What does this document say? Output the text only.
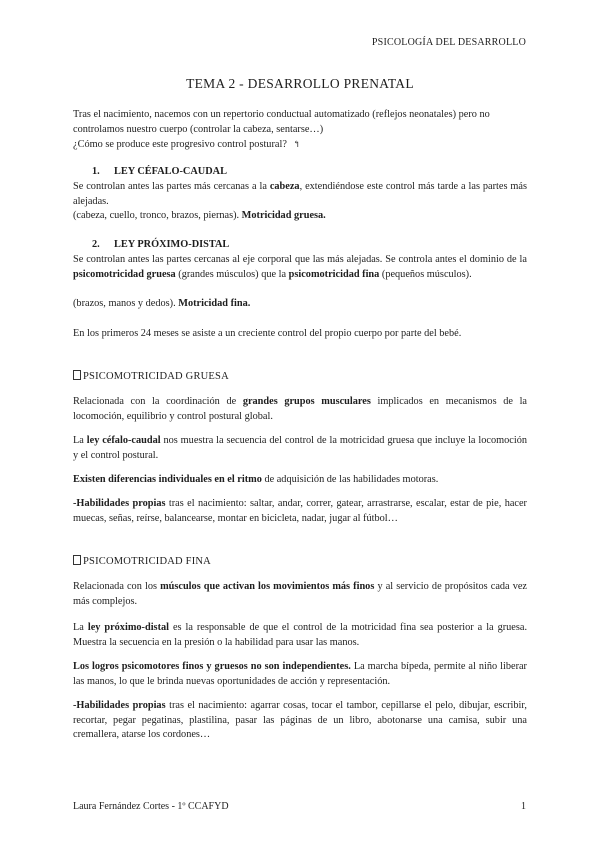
PSICOLOGÍA DEL DESARROLLO
TEMA 2 - DESARROLLO PRENATAL
Tras el nacimiento, nacemos con un repertorio conductual automatizado (reflejos neonatales) pero no
controlamos nuestro cuerpo (controlar la cabeza, sentarse…)
¿Cómo se produce este progresivo control postural? ↰
1. LEY CÉFALO-CAUDAL
Se controlan antes las partes más cercanas a la cabeza, extendiéndose este control más tarde a las partes más alejadas.
(cabeza, cuello, tronco, brazos, piernas). Motricidad gruesa.
2. LEY PRÓXIMO-DISTAL
Se controlan antes las partes cercanas al eje corporal que las más alejadas. Se controla antes el dominio de la psicomotricidad gruesa (grandes músculos) que la psicomotricidad fina (pequeños músculos).
(brazos, manos y dedos). Motricidad fina.
En los primeros 24 meses se asiste a un creciente control del propio cuerpo por parte del bebé.
PSICOMOTRICIDAD GRUESA
Relacionada con la coordinación de grandes grupos musculares implicados en mecanismos de la locomoción, equilibrio y control postural global.
La ley céfalo-caudal nos muestra la secuencia del control de la motricidad gruesa que incluye la locomoción y el control postural.
Existen diferencias individuales en el ritmo de adquisición de las habilidades motoras.
-Habilidades propias tras el nacimiento: saltar, andar, correr, gatear, arrastrarse, escalar, estar de pie, hacer muecas, señas, reírse, balancearse, montar en bicicleta, nadar, jugar al fútbol…
PSICOMOTRICIDAD FINA
Relacionada con los músculos que activan los movimientos más finos y al servicio de propósitos cada vez más complejos.
La ley próximo-distal es la responsable de que el control de la motricidad fina sea posterior a la gruesa. Muestra la secuencia en la presión o la habilidad para usar las manos.
Los logros psicomotores finos y gruesos no son independientes. La marcha bípeda, permite al niño liberar las manos, lo que le brinda nuevas oportunidades de acción y representación.
-Habilidades propias tras el nacimiento: agarrar cosas, tocar el tambor, cepillarse el pelo, dibujar, escribir, recortar, pegar pegatinas, plastilina, pasar las páginas de un libro, abotonarse una camisa, subir una cremallera, atarse los cordones…
Laura Fernández Cortes - 1º CCAFYD	1
